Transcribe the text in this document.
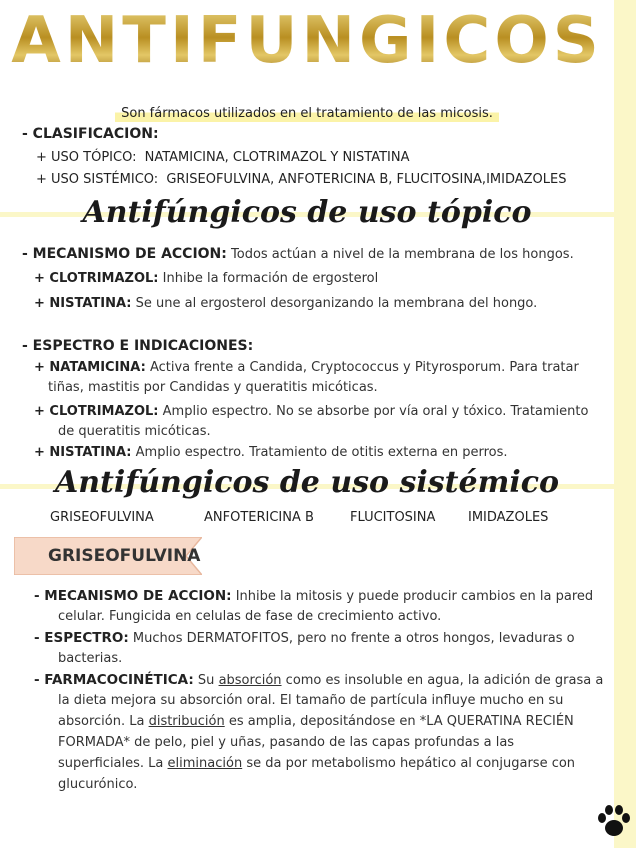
ANTIFUNGICOS
Son fármacos utilizados en el tratamiento de las micosis.
- CLASIFICACION:
+ USO TÓPICO: NATAMICINA, CLOTRIMAZOL Y NISTATINA
+ USO SISTÉMICO: GRISEOFULVINA, ANFOTERICINA B, FLUCITOSINA,IMIDAZOLES
Antifúngicos de uso tópico
- MECANISMO DE ACCION: Todos actúan a nivel de la membrana de los hongos.
+ CLOTRIMAZOL: Inhibe la formación de ergosterol
+ NISTATINA: Se une al ergosterol desorganizando la membrana del hongo.
- ESPECTRO E INDICACIONES:
+ NATAMICINA: Activa frente a Candida, Cryptococcus y Pityrosporum. Para tratar
tiñas, mastitis por Candidas y queratitis micóticas.
+ CLOTRIMAZOL: Amplio espectro. No se absorbe por vía oral y tóxico. Tratamiento
de queratitis micóticas.
+ NISTATINA: Amplio espectro. Tratamiento de otitis externa en perros.
Antifúngicos de uso sistémico
GRISEOFULVINA	ANFOTERICINA B	FLUCITOSINA	IMIDAZOLES
GRISEOFULVINA
- MECANISMO DE ACCION: Inhibe la mitosis y puede producir cambios en la pared
celular. Fungicida en celulas de fase de crecimiento activo.
- ESPECTRO: Muchos DERMATOFITOS, pero no frente a otros hongos, levaduras o
bacterias.
- FARMACOCINÉTICA: Su absorción como es insoluble en agua, la adición de grasa a
la dieta mejora su absorción oral. El tamaño de partícula influye mucho en su
absorción. La distribución es amplia, depositándose en *LA QUERATINA RECIÉN
FORMADA* de pelo, piel y uñas, pasando de las capas profundas a las
superficiales. La eliminación se da por metabolismo hepático al conjugarse con
glucurónico.
